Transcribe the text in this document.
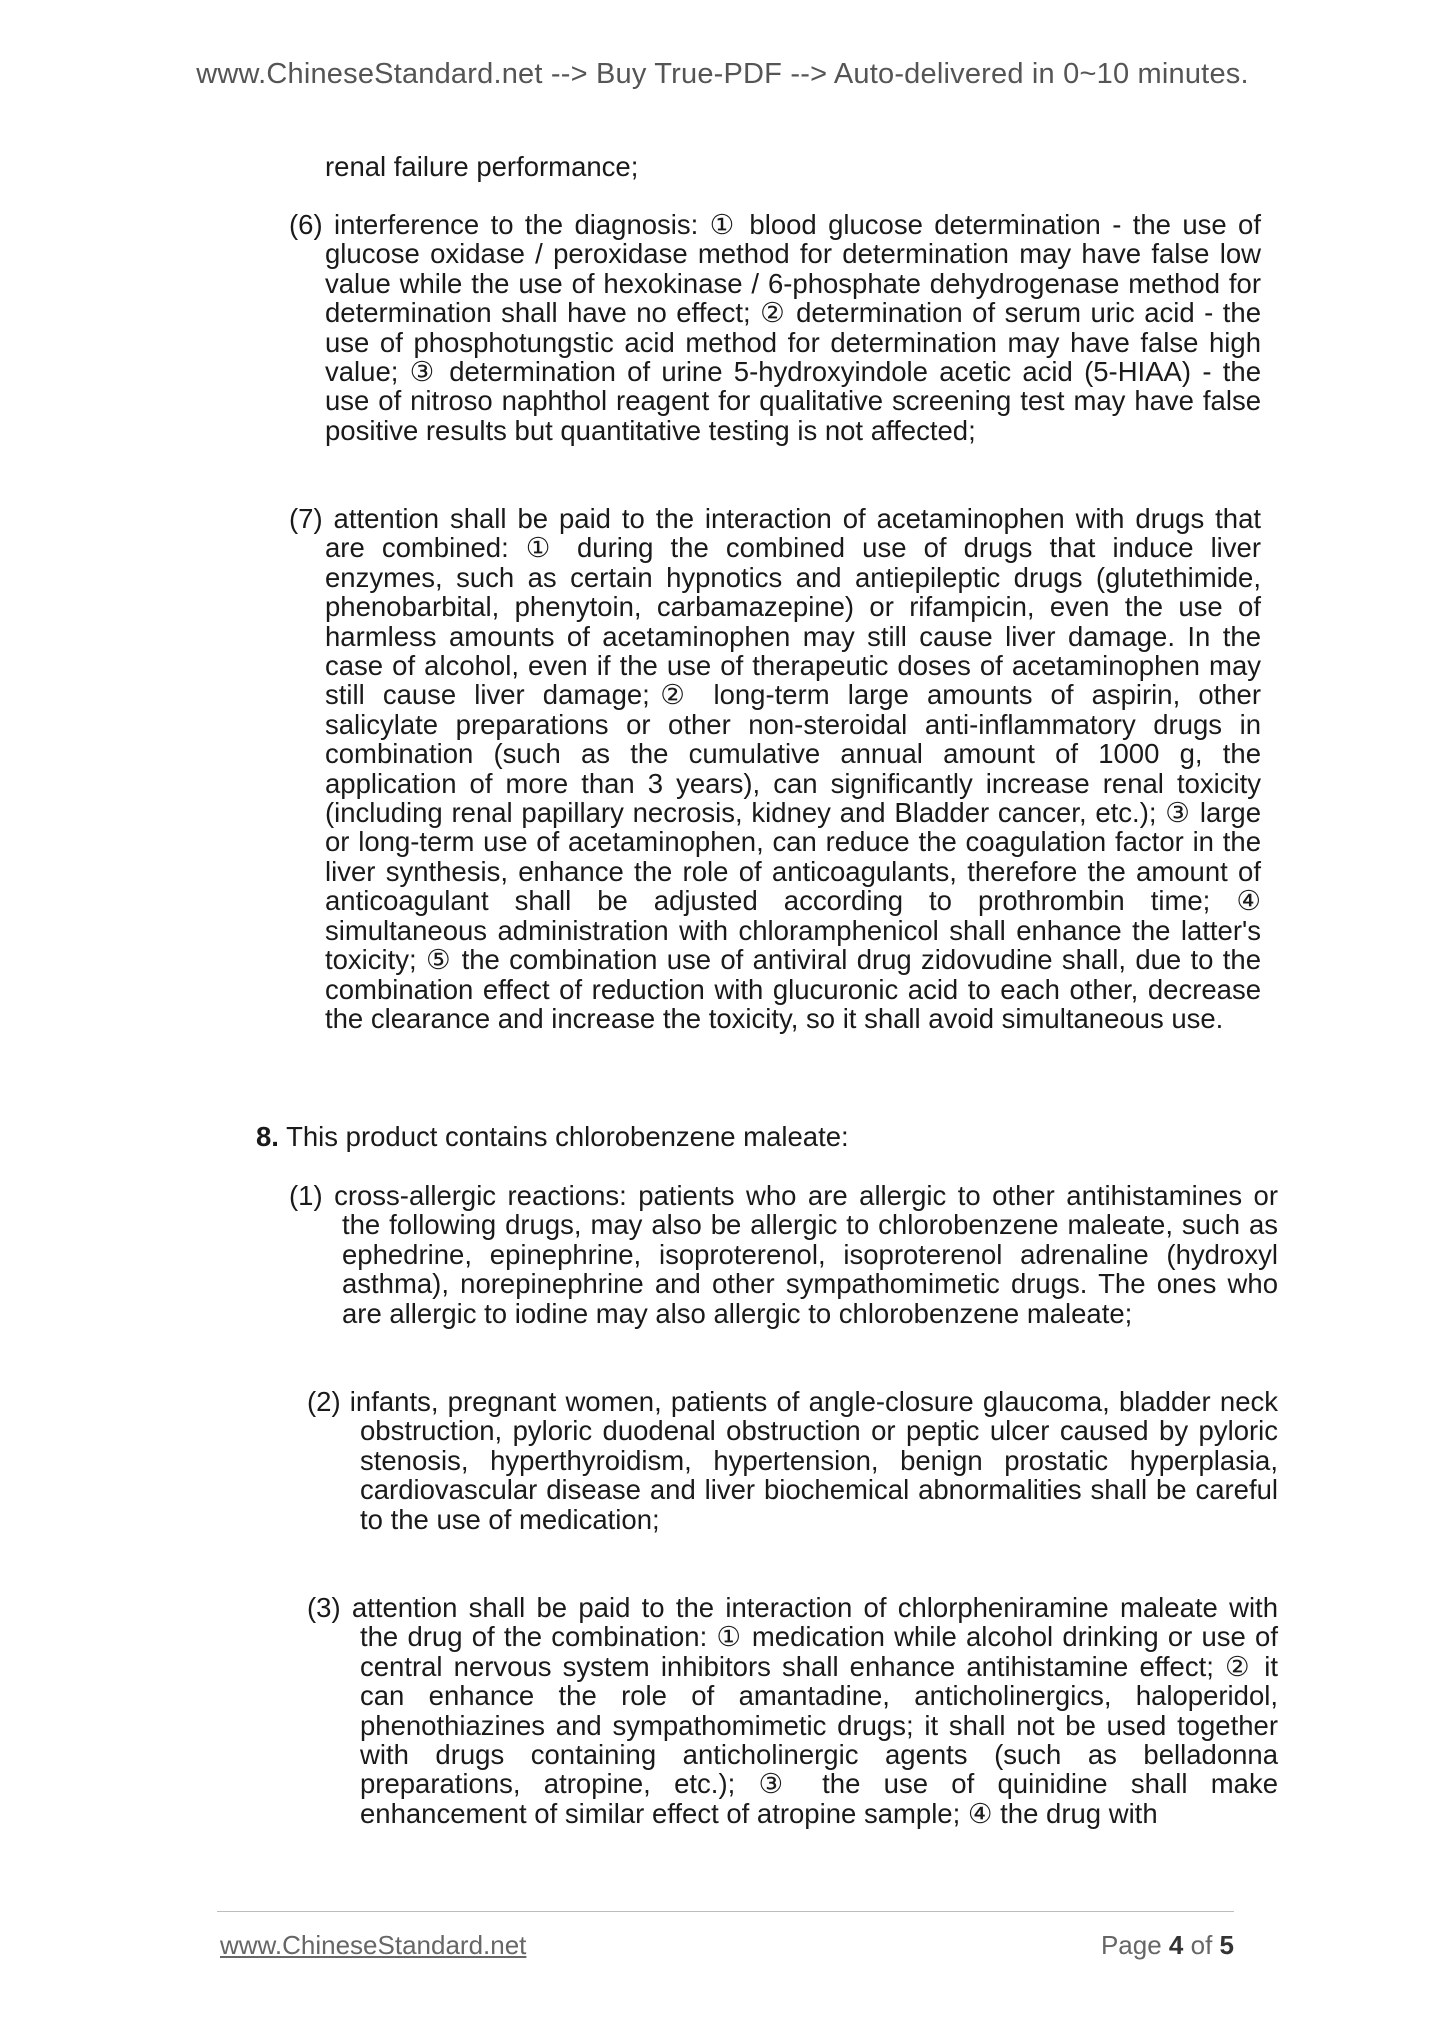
www.ChineseStandard.net --> Buy True-PDF --> Auto-delivered in 0~10 minutes.
renal failure performance;
(6) interference to the diagnosis: ① blood glucose determination - the use of glucose oxidase / peroxidase method for determination may have false low value while the use of hexokinase / 6-phosphate dehydrogenase method for determination shall have no effect; ② determination of serum uric acid - the use of phosphotungstic acid method for determination may have false high value; ③ determination of urine 5-hydroxyindole acetic acid (5-HIAA) - the use of nitroso naphthol reagent for qualitative screening test may have false positive results but quantitative testing is not affected;
(7) attention shall be paid to the interaction of acetaminophen with drugs that are combined: ① during the combined use of drugs that induce liver enzymes, such as certain hypnotics and antiepileptic drugs (glutethimide, phenobarbital, phenytoin, carbamazepine) or rifampicin, even the use of harmless amounts of acetaminophen may still cause liver damage. In the case of alcohol, even if the use of therapeutic doses of acetaminophen may still cause liver damage;② long-term large amounts of aspirin, other salicylate preparations or other non-steroidal anti-inflammatory drugs in combination (such as the cumulative annual amount of 1000 g, the application of more than 3 years), can significantly increase renal toxicity (including renal papillary necrosis, kidney and Bladder cancer, etc.); ③ large or long-term use of acetaminophen, can reduce the coagulation factor in the liver synthesis, enhance the role of anticoagulants, therefore the amount of anticoagulant shall be adjusted according to prothrombin time; ④ simultaneous administration with chloramphenicol shall enhance the latter's toxicity; ⑤ the combination use of antiviral drug zidovudine shall, due to the combination effect of reduction with glucuronic acid to each other, decrease the clearance and increase the toxicity, so it shall avoid simultaneous use.
8. This product contains chlorobenzene maleate:
(1) cross-allergic reactions: patients who are allergic to other antihistamines or the following drugs, may also be allergic to chlorobenzene maleate, such as ephedrine, epinephrine, isoproterenol, isoproterenol adrenaline (hydroxyl asthma), norepinephrine and other sympathomimetic drugs. The ones who are allergic to iodine may also allergic to chlorobenzene maleate;
(2) infants, pregnant women, patients of angle-closure glaucoma, bladder neck obstruction, pyloric duodenal obstruction or peptic ulcer caused by pyloric stenosis, hyperthyroidism, hypertension, benign prostatic hyperplasia, cardiovascular disease and liver biochemical abnormalities shall be careful to the use of medication;
(3) attention shall be paid to the interaction of chlorpheniramine maleate with the drug of the combination: ① medication while alcohol drinking or use of central nervous system inhibitors shall enhance antihistamine effect; ② it can enhance the role of amantadine, anticholinergics, haloperidol, phenothiazines and sympathomimetic drugs; it shall not be used together with drugs containing anticholinergic agents (such as belladonna preparations, atropine, etc.); ③ the use of quinidine shall make enhancement of similar effect of atropine sample; ④ the drug with
www.ChineseStandard.net	Page 4 of 5
